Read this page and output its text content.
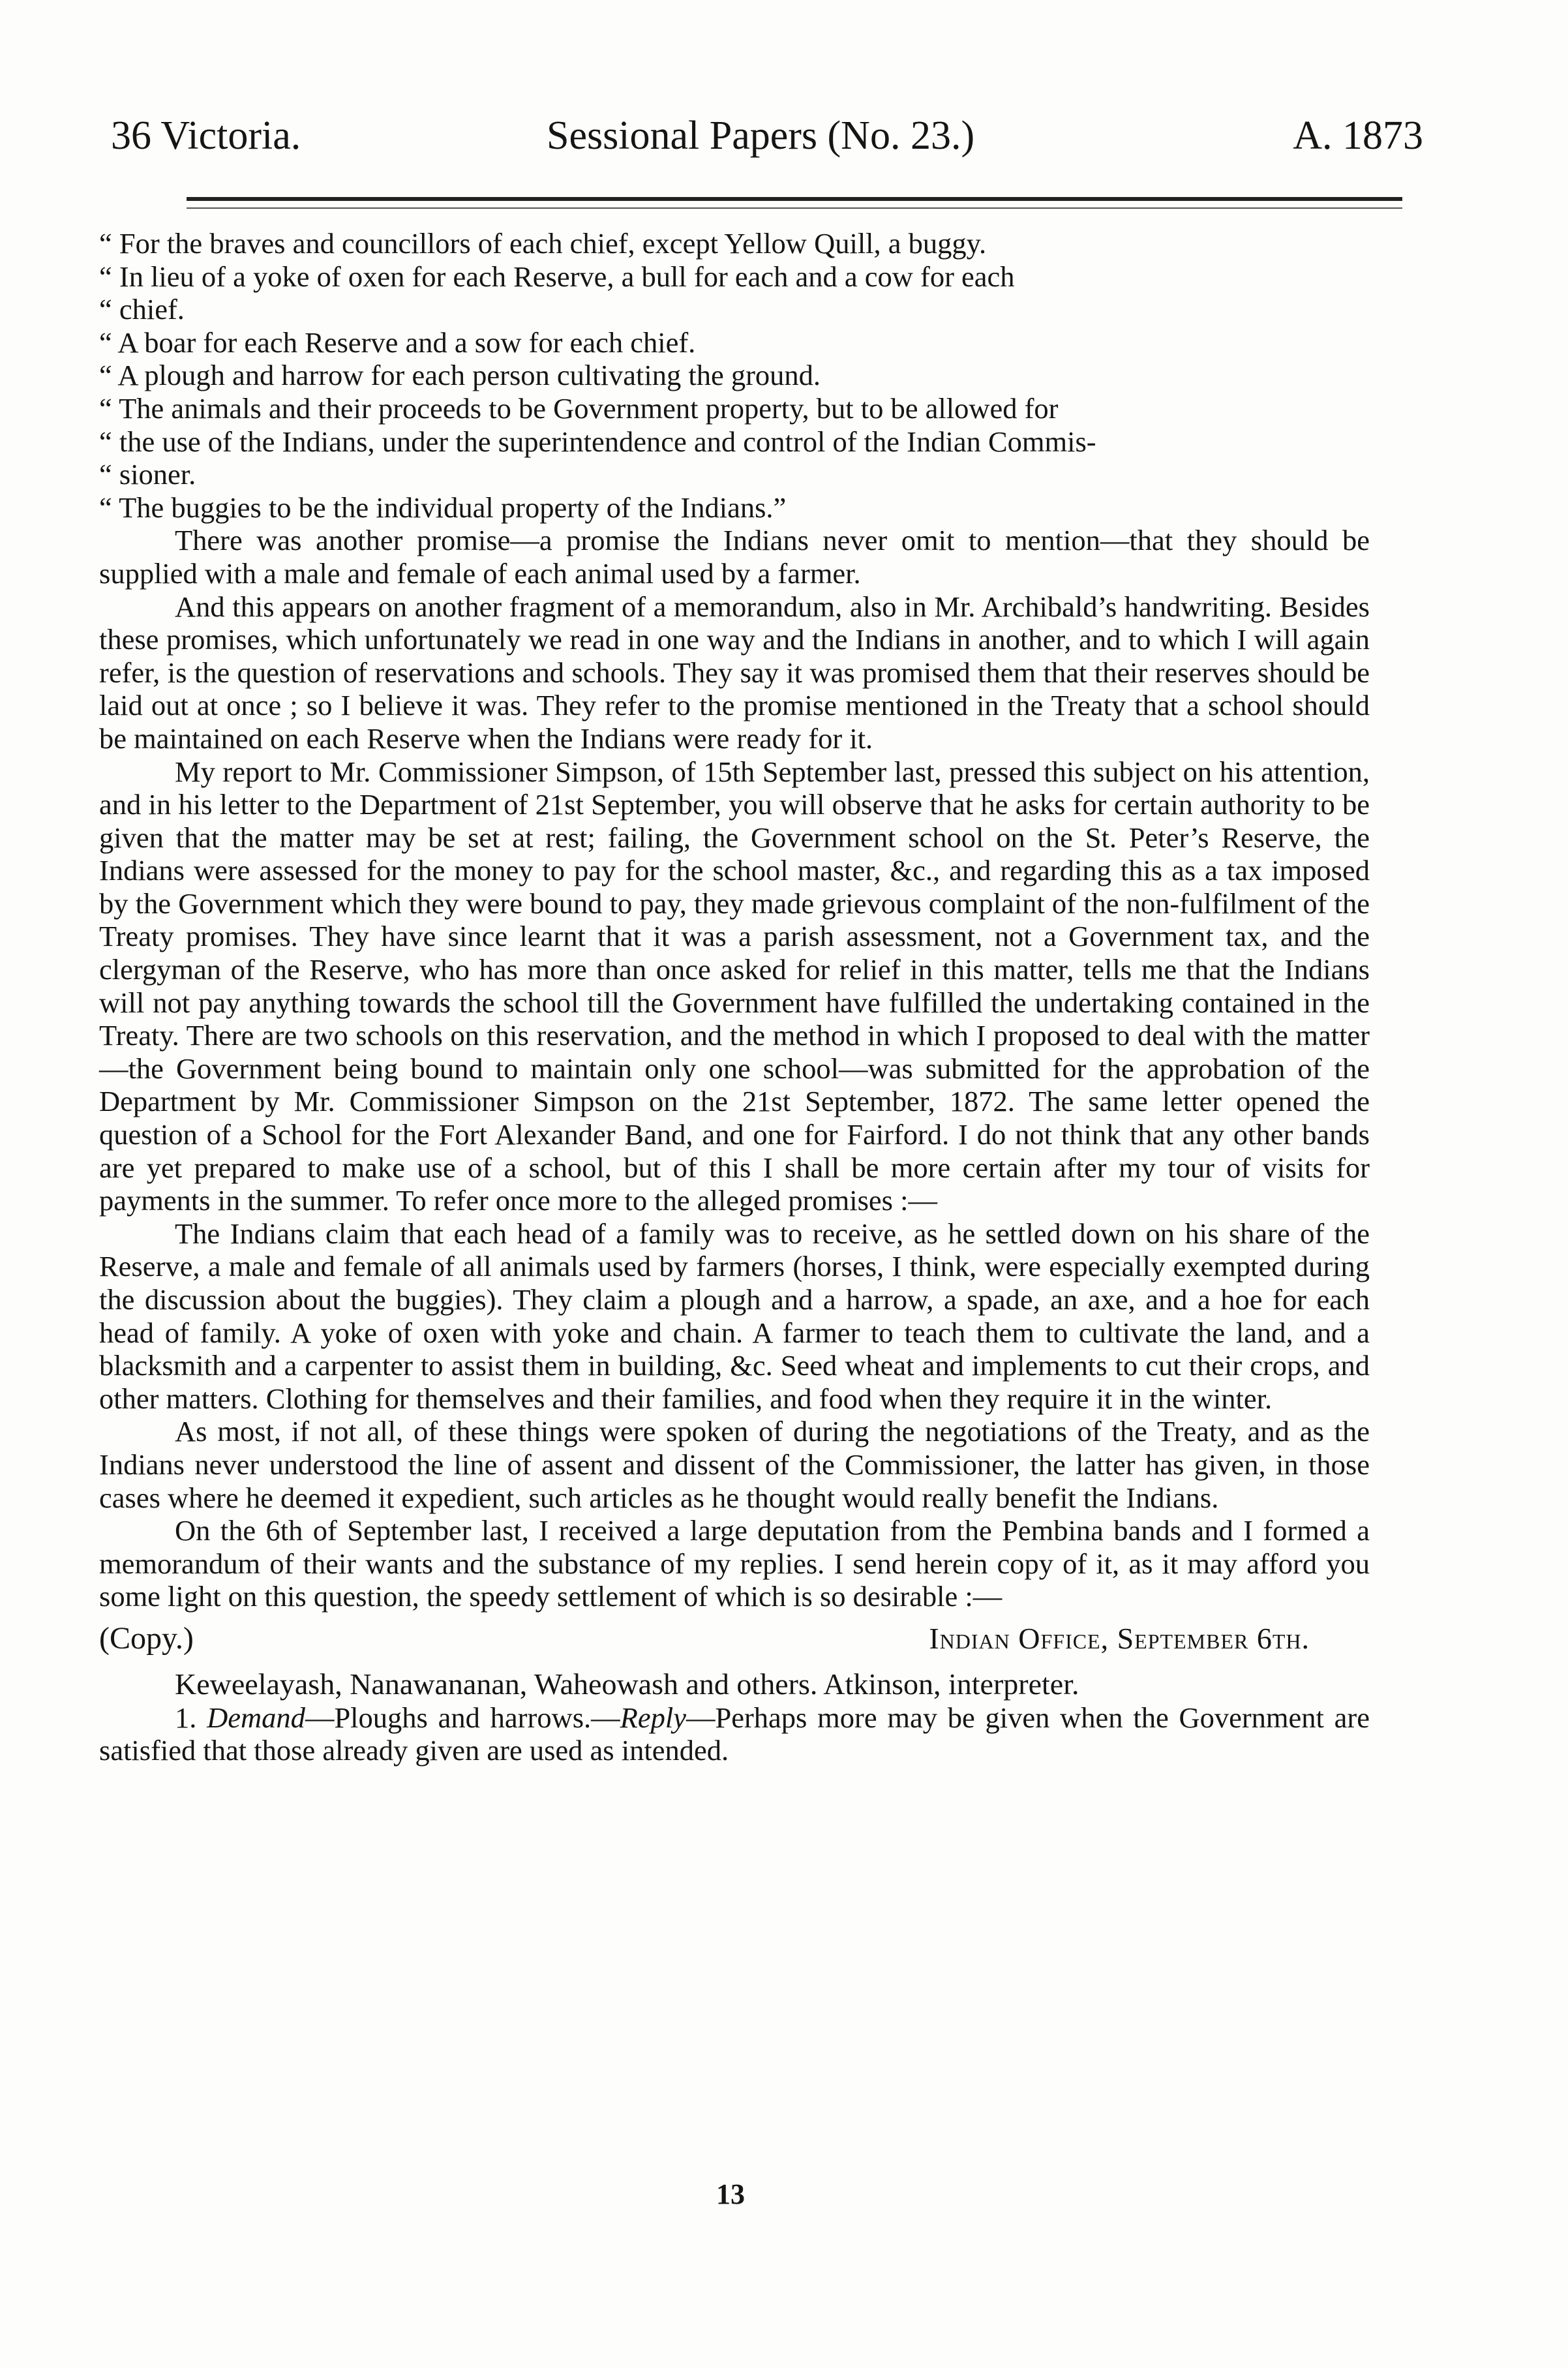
36 Victoria.	Sessional Papers (No. 23.)	A. 1873

“ For the braves and councillors of each chief, except Yellow Quill, a buggy.

“ In lieu of a yoke of oxen for each Reserve, a bull for each and a cow for each

“ chief.

“ A boar for each Reserve and a sow for each chief.

“ A plough and harrow for each person cultivating the ground.

“ The animals and their proceeds to be Government property, but to be allowed for

“ the use of the Indians, under the superintendence and control of the Indian Commis-

“ sioner.

“ The buggies to be the individual property of the Indians.”

There was another promise—a promise the Indians never omit to mention—that they should be supplied with a male and female of each animal used by a farmer.

And this appears on another fragment of a memorandum, also in Mr. Archibald’s handwriting. Besides these promises, which unfortunately we read in one way and the Indians in another, and to which I will again refer, is the question of reservations and schools. They say it was promised them that their reserves should be laid out at once ; so I believe it was. They refer to the promise mentioned in the Treaty that a school should be maintained on each Reserve when the Indians were ready for it.

My report to Mr. Commissioner Simpson, of 15th September last, pressed this subject on his attention, and in his letter to the Department of 21st September, you will observe that he asks for certain authority to be given that the matter may be set at rest; failing, the Government school on the St. Peter’s Reserve, the Indians were assessed for the money to pay for the school master, &c., and regarding this as a tax imposed by the Government which they were bound to pay, they made grievous complaint of the non-fulfilment of the Treaty promises. They have since learnt that it was a parish assessment, not a Government tax, and the clergyman of the Reserve, who has more than once asked for relief in this matter, tells me that the Indians will not pay anything towards the school till the Government have fulfilled the undertaking contained in the Treaty. There are two schools on this reservation, and the method in which I proposed to deal with the matter—the Government being bound to maintain only one school—was submitted for the approbation of the Department by Mr. Commissioner Simpson on the 21st September, 1872. The same letter opened the question of a School for the Fort Alexander Band, and one for Fairford. I do not think that any other bands are yet prepared to make use of a school, but of this I shall be more certain after my tour of visits for payments in the summer. To refer once more to the alleged promises :—

The Indians claim that each head of a family was to receive, as he settled down on his share of the Reserve, a male and female of all animals used by farmers (horses, I think, were especially exempted during the discussion about the buggies). They claim a plough and a harrow, a spade, an axe, and a hoe for each head of family. A yoke of oxen with yoke and chain. A farmer to teach them to cultivate the land, and a blacksmith and a carpenter to assist them in building, &c. Seed wheat and implements to cut their crops, and other matters. Clothing for themselves and their families, and food when they require it in the winter.

As most, if not all, of these things were spoken of during the negotiations of the Treaty, and as the Indians never understood the line of assent and dissent of the Commissioner, the latter has given, in those cases where he deemed it expedient, such articles as he thought would really benefit the Indians.

On the 6th of September last, I received a large deputation from the Pembina bands and I formed a memorandum of their wants and the substance of my replies. I send herein copy of it, as it may afford you some light on this question, the speedy settlement of which is so desirable :—

(Copy.)	Indian Office, September 6th.

Keweelayash, Nanawananan, Waheowash and others. Atkinson, interpreter.

1. Demand—Ploughs and harrows.—Reply—Perhaps more may be given when the Government are satisfied that those already given are used as intended.

13
